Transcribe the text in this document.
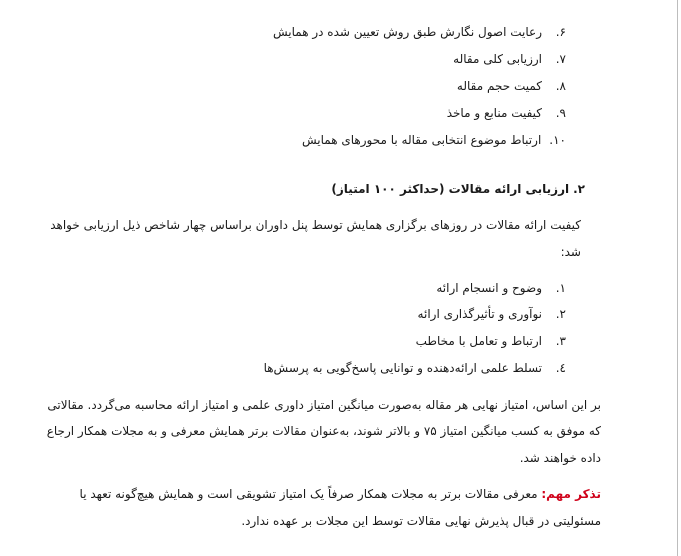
۶.
رعایت اصول نگارش طبق روش تعیین شده در همایش
۷.
ارزیابی کلی مقاله
۸.
کمیت حجم مقاله
۹.
کیفیت منابع و ماخذ
۱۰.
ارتباط موضوع انتخابی مقاله با محورهای همایش
۲.
ارزیابی ارائه مقالات (حداکثر ۱۰۰ امتیاز)
کیفیت ارائه مقالات در روزهای برگزاری همایش توسط پنل داوران براساس چهار شاخص ذیل ارزیابی خواهد
شد:
۱.
وضوح و انسجام ارائه
۲.
نوآوری و تأثیرگذاری ارائه
۳.
ارتباط و تعامل با مخاطب
٤.
تسلط علمی ارائه‌دهنده و توانایی پاسخ‌گویی به پرسش‌ها
بر این اساس، امتیاز نهایی هر مقاله به‌صورت میانگین امتیاز داوری علمی و امتیاز ارائه محاسبه می‌گردد. مقالاتی
که موفق به کسب میانگین امتیاز ۷۵ و بالاتر شوند، به‌عنوان مقالات برتر همایش معرفی و به مجلات همکار ارجاع
داده خواهند شد.
تذکر مهم: معرفی مقالات برتر به مجلات همکار صرفاً یک امتیاز تشویقی است و همایش هیچ‌گونه تعهد یا
مسئولیتی در قبال پذیرش نهایی مقالات توسط این مجلات بر عهده ندارد.
